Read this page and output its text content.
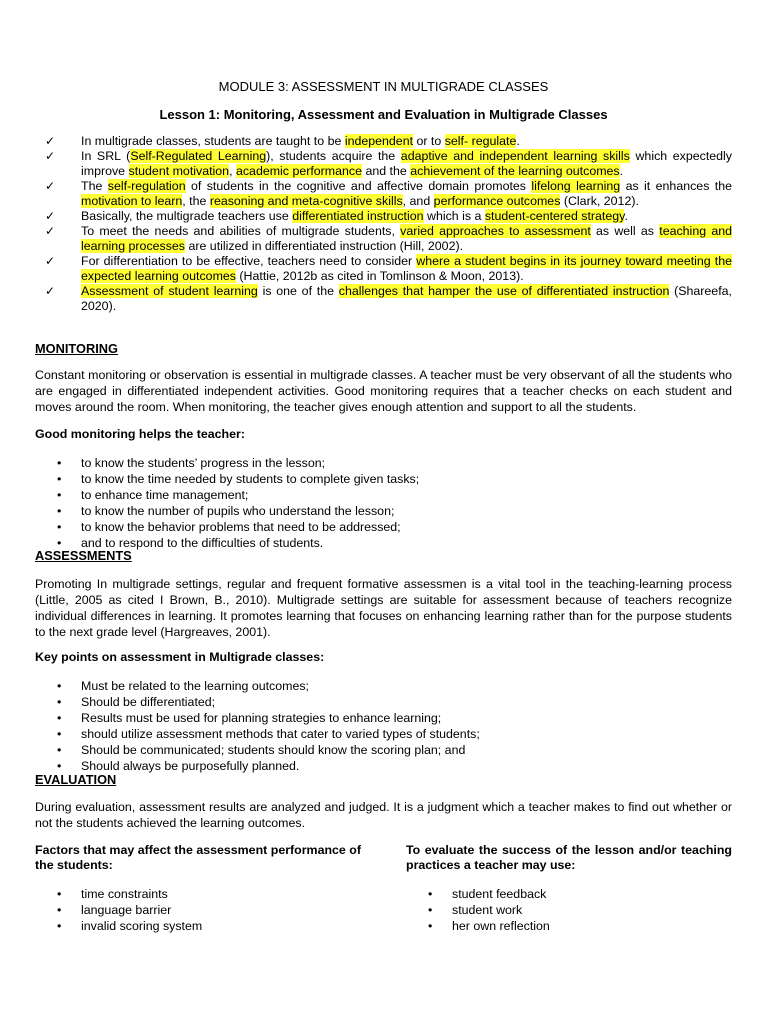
MODULE 3: ASSESSMENT IN MULTIGRADE CLASSES
Lesson 1: Monitoring, Assessment and Evaluation in Multigrade Classes
✓ In multigrade classes, students are taught to be independent or to self- regulate.
✓ In SRL (Self-Regulated Learning), students acquire the adaptive and independent learning skills which expectedly improve student motivation, academic performance and the achievement of the learning outcomes.
✓ The self-regulation of students in the cognitive and affective domain promotes lifelong learning as it enhances the motivation to learn, the reasoning and meta-cognitive skills, and performance outcomes (Clark, 2012).
✓ Basically, the multigrade teachers use differentiated instruction which is a student-centered strategy.
✓ To meet the needs and abilities of multigrade students, varied approaches to assessment as well as teaching and learning processes are utilized in differentiated instruction (Hill, 2002).
✓ For differentiation to be effective, teachers need to consider where a student begins in its journey toward meeting the expected learning outcomes (Hattie, 2012b as cited in Tomlinson & Moon, 2013).
✓ Assessment of student learning is one of the challenges that hamper the use of differentiated instruction (Shareefa, 2020).
MONITORING
Constant monitoring or observation is essential in multigrade classes. A teacher must be very observant of all the students who are engaged in differentiated independent activities. Good monitoring requires that a teacher checks on each student and moves around the room. When monitoring, the teacher gives enough attention and support to all the students.
Good monitoring helps the teacher:
• to know the students’ progress in the lesson;
• to know the time needed by students to complete given tasks;
• to enhance time management;
• to know the number of pupils who understand the lesson;
• to know the behavior problems that need to be addressed;
• and to respond to the difficulties of students.
ASSESSMENTS
Promoting In multigrade settings, regular and frequent formative assessmen is a vital tool in the teaching-learning process (Little, 2005 as cited I Brown, B., 2010). Multigrade settings are suitable for assessment because of teachers recognize individual differences in learning. It promotes learning that focuses on enhancing learning rather than for the purpose students to the next grade level (Hargreaves, 2001).
Key points on assessment in Multigrade classes:
• Must be related to the learning outcomes;
• Should be differentiated;
• Results must be used for planning strategies to enhance learning;
• should utilize assessment methods that cater to varied types of students;
• Should be communicated; students should know the scoring plan; and
• Should always be purposefully planned.
EVALUATION
During evaluation, assessment results are analyzed and judged. It is a judgment which a teacher makes to find out whether or not the students achieved the learning outcomes.
Factors that may affect the assessment performance of the students:
To evaluate the success of the lesson and/or teaching practices a teacher may use:
• time constraints
• language barrier
• invalid scoring system
• student feedback
• student work
• her own reflection
